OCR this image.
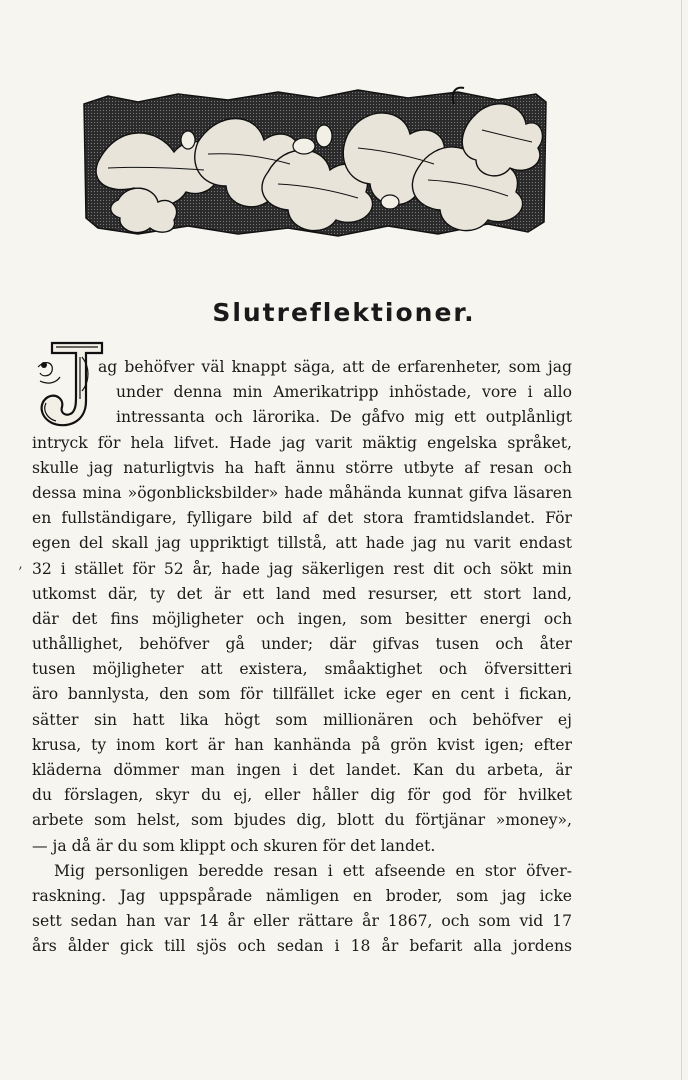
Slutreflektioner.
’
ag behöfver väl knappt säga, att de erfarenheter, som jag
under denna min Amerikatripp inhöstade, vore i allo
intressanta och lärorika. De gåfvo mig ett outplånligt
intryck för hela lifvet. Hade jag varit mäktig engelska språket,
skulle jag naturligtvis ha haft ännu större utbyte af resan och
dessa mina »ögonblicksbilder» hade måhända kunnat gifva läsaren
en fullständigare, fylligare bild af det stora framtidslandet. För
egen del skall jag uppriktigt tillstå, att hade jag nu varit endast
32 i stället för 52 år, hade jag säkerligen rest dit och sökt min
utkomst där, ty det är ett land med resurser, ett stort land,
där det fins möjligheter och ingen, som besitter energi och
uthållighet, behöfver gå under; där gifvas tusen och åter
tusen möjligheter att existera, småaktighet och öfversitteri
äro bannlysta, den som för tillfället icke eger en cent i fickan,
sätter sin hatt lika högt som millionären och behöfver ej
krusa, ty inom kort är han kanhända på grön kvist igen; efter
kläderna dömmer man ingen i det landet. Kan du arbeta, är
du förslagen, skyr du ej, eller håller dig för god för hvilket
arbete som helst, som bjudes dig, blott du förtjänar »money»,
— ja då är du som klippt och skuren för det landet.
Mig personligen beredde resan i ett afseende en stor öfver-
raskning. Jag uppspårade nämligen en broder, som jag icke
sett sedan han var 14 år eller rättare år 1867, och som vid 17
års ålder gick till sjös och sedan i 18 år befarit alla jordens
